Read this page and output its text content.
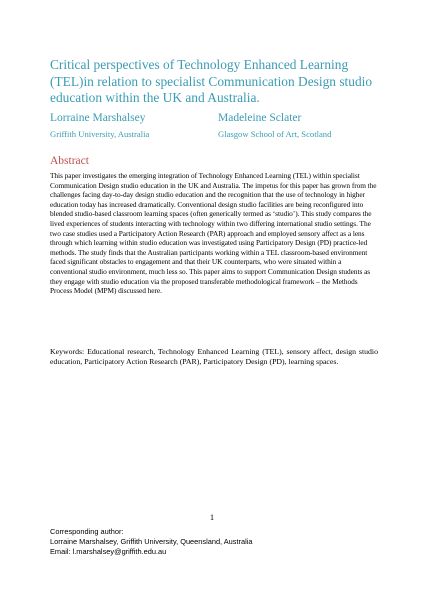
Critical perspectives of Technology Enhanced Learning (TEL)in relation to specialist Communication Design studio education within the UK and Australia.
Lorraine Marshalsey
Griffith University, Australia
Madeleine Sclater
Glasgow School of Art, Scotland
Abstract
This paper investigates the emerging integration of Technology Enhanced Learning (TEL) within specialist Communication Design studio education in the UK and Australia. The impetus for this paper has grown from the challenges facing day-to-day design studio education and the recognition that the use of technology in higher education today has increased dramatically. Conventional design studio facilities are being reconfigured into blended studio-based classroom learning spaces (often generically termed as ‘studio’). This study compares the lived experiences of students interacting with technology within two differing international studio settings. The two case studies used a Participatory Action Research (PAR) approach and employed sensory affect as a lens through which learning within studio education was investigated using Participatory Design (PD) practice-led methods. The study finds that the Australian participants working within a TEL classroom-based environment faced significant obstacles to engagement and that their UK counterparts, who were situated within a conventional studio environment, much less so. This paper aims to support Communication Design students as they engage with studio education via the proposed transferable methodological framework – the Methods Process Model (MPM) discussed here.
Keywords: Educational research, Technology Enhanced Learning (TEL), sensory affect, design studio education, Participatory Action Research (PAR), Participatory Design (PD), learning spaces.
1
Corresponding author:
Lorraine Marshalsey, Griffith University, Queensland, Australia
Email: l.marshalsey@griffith.edu.au
